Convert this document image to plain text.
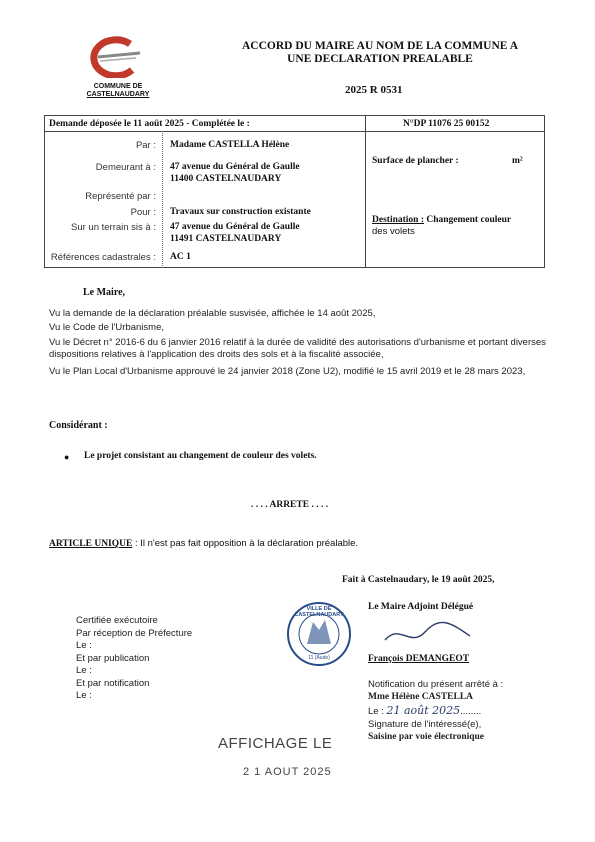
COMMUNE DE
CASTELNAUDARY
ACCORD DU MAIRE AU NOM DE LA COMMUNE A
UNE DECLARATION PREALABLE
2025 R 0531
Demande déposée le 11 août 2025 - Complétée le :	N°DP 11076 25 00152
Par : Madame CASTELLA Hélène
Demeurant à : 47 avenue du Général de Gaulle
11400 CASTELNAUDARY
Représenté par :
Pour : Travaux sur construction existante
Sur un terrain sis à : 47 avenue du Général de Gaulle
11491 CASTELNAUDARY
Références cadastrales : AC 1
Surface de plancher :	m²
Destination : Changement couleur
des volets
Le Maire,
Vu la demande de la déclaration préalable susvisée, affichée le 14 août 2025,
Vu le Code de l'Urbanisme,
Vu le Décret n° 2016-6 du 6 janvier 2016 relatif à la durée de validité des autorisations d'urbanisme et portant diverses dispositions relatives à l'application des droits des sols et à la fiscalité associée,
Vu le Plan Local d'Urbanisme approuvé le 24 janvier 2018 (Zone U2), modifié le 15 avril 2019 et le 28 mars 2023,
Considérant :
● Le projet consistant au changement de couleur des volets.
. . . . ARRETE . . . .
ARTICLE UNIQUE : Il n'est pas fait opposition à la déclaration préalable.
Fait à Castelnaudary, le 19 août 2025,
VILLE DE CASTELNAUDARY
11 (Aude)
Le Maire Adjoint Délégué
François DEMANGEOT
Certifiée exécutoire
Par réception de Préfecture
Le :
Et par publication
Le :
Et par notification
Le :
Notification du présent arrêté à :
Mme Hélène CASTELLA
Le : 21 août 2025........
Signature de l'intéressé(e),
Saisine par voie électronique
AFFICHAGE LE
2 1 AOUT 2025
